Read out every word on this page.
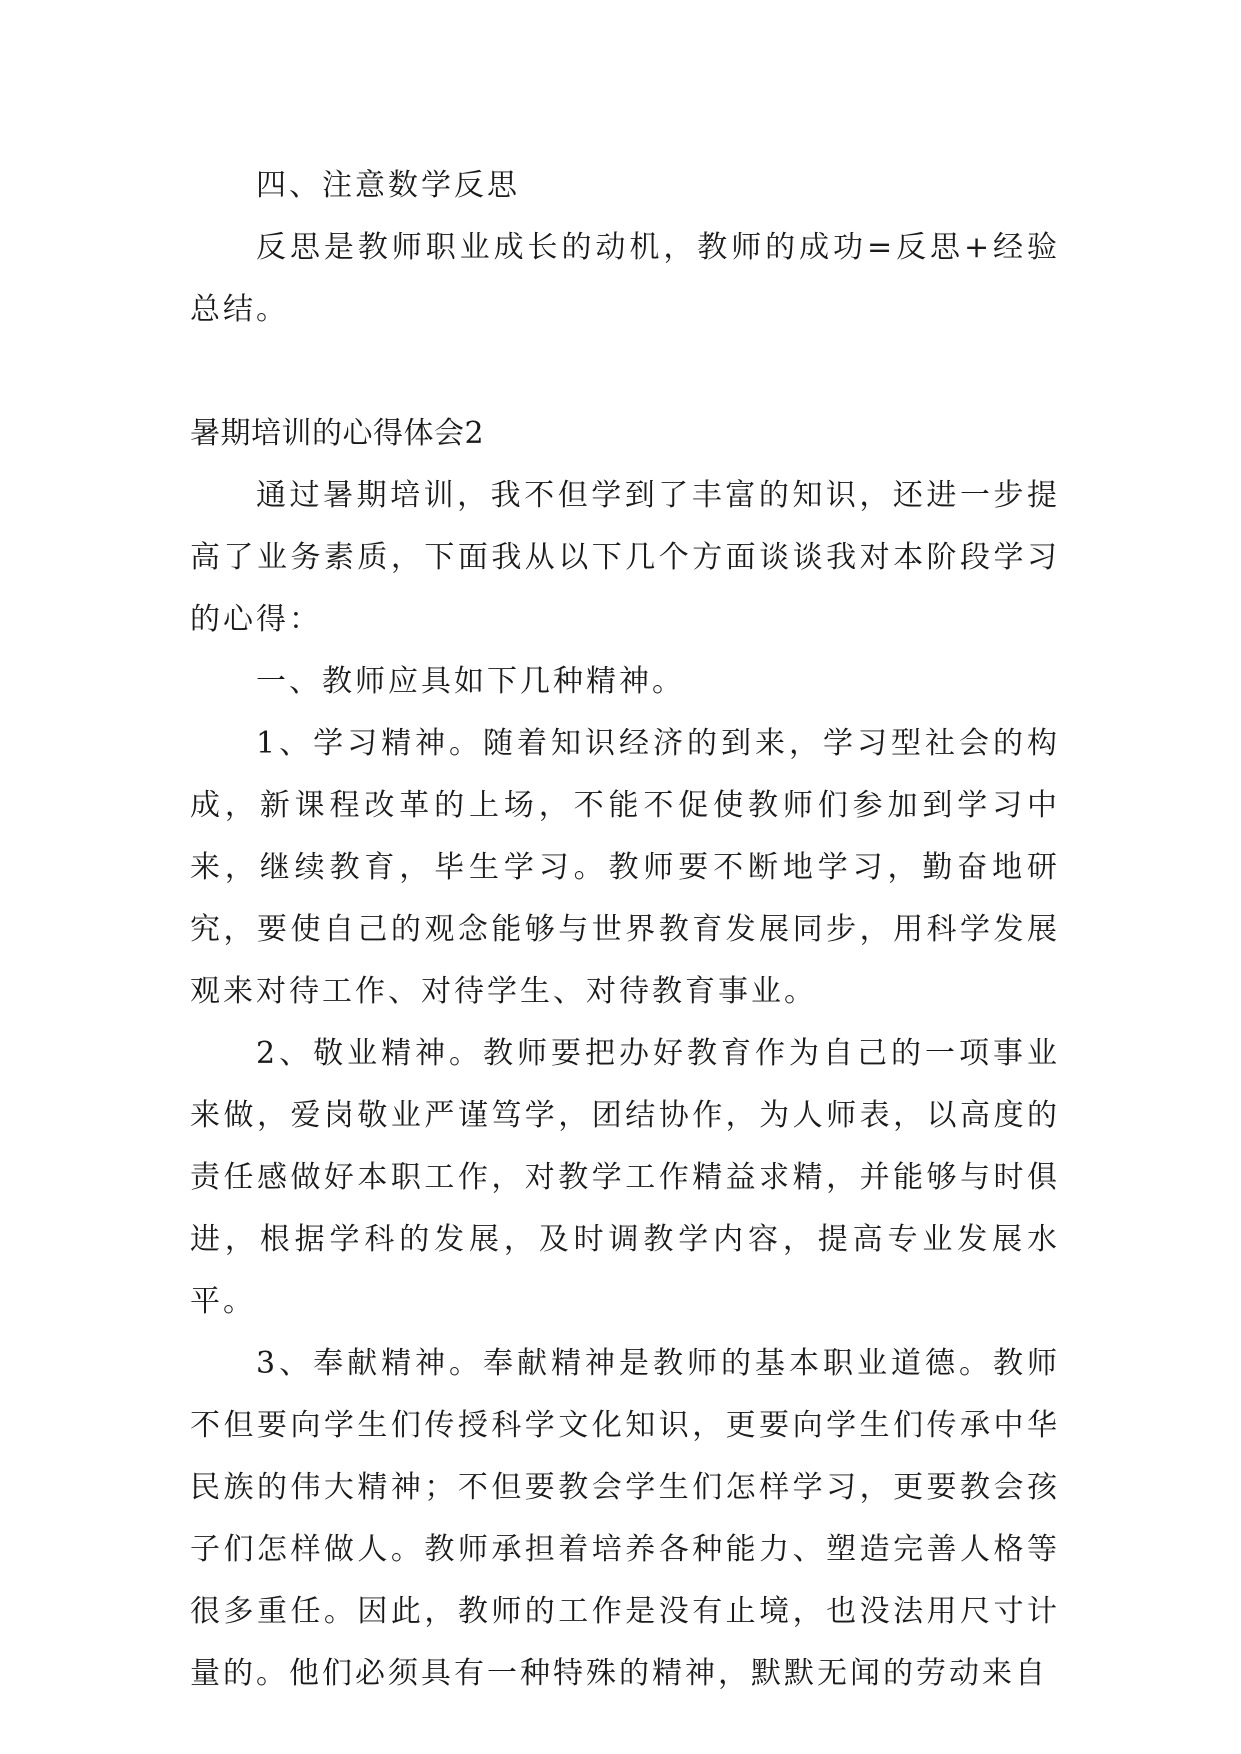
四、注意数学反思

反思是教师职业成长的动机，教师的成功=反思+经验总结。

暑期培训的心得体会2

通过暑期培训，我不但学到了丰富的知识，还进一步提高了业务素质，下面我从以下几个方面谈谈我对本阶段学习的心得：

一、教师应具如下几种精神。

1、学习精神。随着知识经济的到来，学习型社会的构成，新课程改革的上场，不能不促使教师们参加到学习中来，继续教育，毕生学习。教师要不断地学习，勤奋地研究，要使自己的观念能够与世界教育发展同步，用科学发展观来对待工作、对待学生、对待教育事业。

2、敬业精神。教师要把办好教育作为自己的一项事业来做，爱岗敬业严谨笃学，团结协作，为人师表，以高度的责任感做好本职工作，对教学工作精益求精，并能够与时俱进，根据学科的发展，及时调教学内容，提高专业发展水平。

3、奉献精神。奉献精神是教师的基本职业道德。教师不但要向学生们传授科学文化知识，更要向学生们传承中华民族的伟大精神；不但要教会学生们怎样学习，更要教会孩子们怎样做人。教师承担着培养各种能力、塑造完善人格等很多重任。因此，教师的工作是没有止境，也没法用尺寸计量的。他们必须具有一种特殊的精神，默默无闻的劳动来自
